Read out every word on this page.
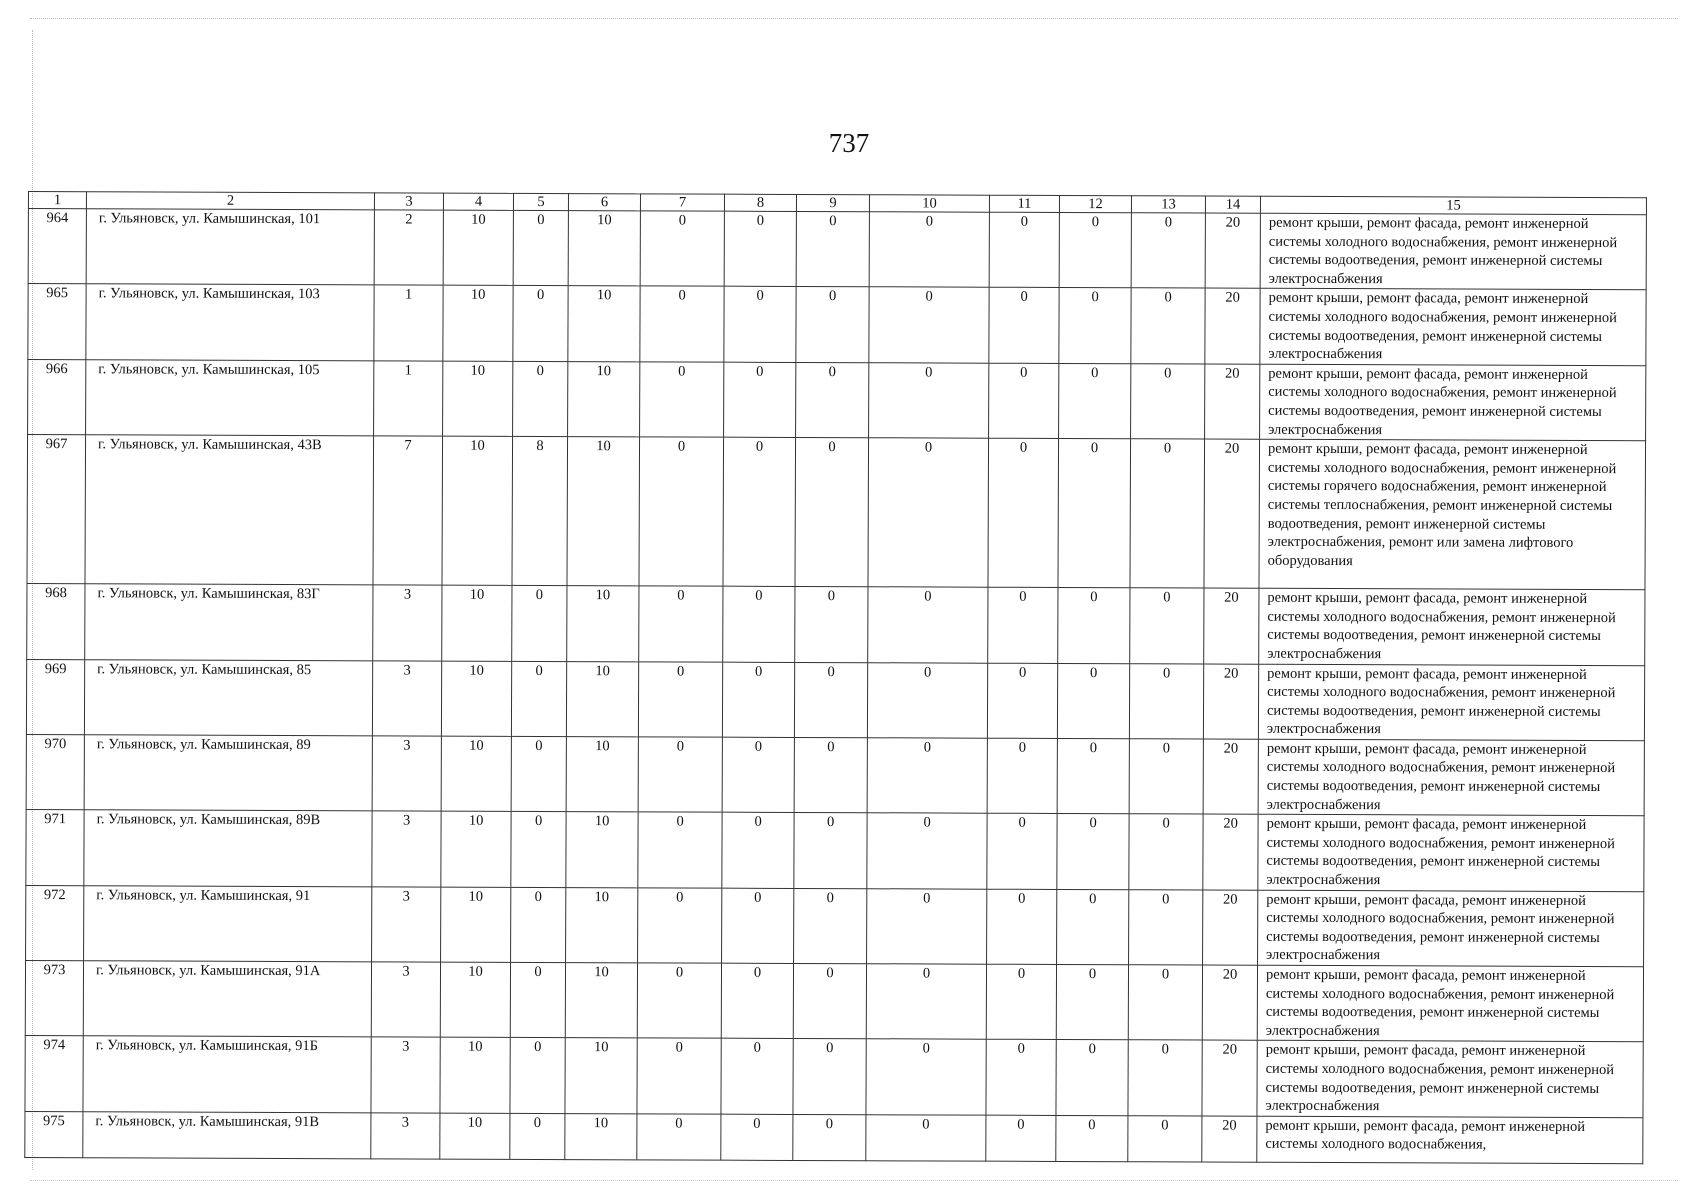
737
1	2	3	4	5	6	7	8	9	10	11	12	13	14	15
964	г. Ульяновск, ул. Камышинская, 101	2	10	0	10	0	0	0	0	0	0	0	20	ремонт крыши, ремонт фасада, ремонт инженерной системы холодного водоснабжения, ремонт инженерной системы водоотведения, ремонт инженерной системы электроснабжения
965	г. Ульяновск, ул. Камышинская, 103	1	10	0	10	0	0	0	0	0	0	0	20	ремонт крыши, ремонт фасада, ремонт инженерной системы холодного водоснабжения, ремонт инженерной системы водоотведения, ремонт инженерной системы электроснабжения
966	г. Ульяновск, ул. Камышинская, 105	1	10	0	10	0	0	0	0	0	0	0	20	ремонт крыши, ремонт фасада, ремонт инженерной системы холодного водоснабжения, ремонт инженерной системы водоотведения, ремонт инженерной системы электроснабжения
967	г. Ульяновск, ул. Камышинская, 43В	7	10	8	10	0	0	0	0	0	0	0	20	ремонт крыши, ремонт фасада, ремонт инженерной системы холодного водоснабжения, ремонт инженерной системы горячего водоснабжения, ремонт инженерной системы теплоснабжения, ремонт инженерной системы водоотведения, ремонт инженерной системы электроснабжения, ремонт или замена лифтового оборудования
968	г. Ульяновск, ул. Камышинская, 83Г	3	10	0	10	0	0	0	0	0	0	0	20	ремонт крыши, ремонт фасада, ремонт инженерной системы холодного водоснабжения, ремонт инженерной системы водоотведения, ремонт инженерной системы электроснабжения
969	г. Ульяновск, ул. Камышинская, 85	3	10	0	10	0	0	0	0	0	0	0	20	ремонт крыши, ремонт фасада, ремонт инженерной системы холодного водоснабжения, ремонт инженерной системы водоотведения, ремонт инженерной системы электроснабжения
970	г. Ульяновск, ул. Камышинская, 89	3	10	0	10	0	0	0	0	0	0	0	20	ремонт крыши, ремонт фасада, ремонт инженерной системы холодного водоснабжения, ремонт инженерной системы водоотведения, ремонт инженерной системы электроснабжения
971	г. Ульяновск, ул. Камышинская, 89В	3	10	0	10	0	0	0	0	0	0	0	20	ремонт крыши, ремонт фасада, ремонт инженерной системы холодного водоснабжения, ремонт инженерной системы водоотведения, ремонт инженерной системы электроснабжения
972	г. Ульяновск, ул. Камышинская, 91	3	10	0	10	0	0	0	0	0	0	0	20	ремонт крыши, ремонт фасада, ремонт инженерной системы холодного водоснабжения, ремонт инженерной системы водоотведения, ремонт инженерной системы электроснабжения
973	г. Ульяновск, ул. Камышинская, 91А	3	10	0	10	0	0	0	0	0	0	0	20	ремонт крыши, ремонт фасада, ремонт инженерной системы холодного водоснабжения, ремонт инженерной системы водоотведения, ремонт инженерной системы электроснабжения
974	г. Ульяновск, ул. Камышинская, 91Б	3	10	0	10	0	0	0	0	0	0	0	20	ремонт крыши, ремонт фасада, ремонт инженерной системы холодного водоснабжения, ремонт инженерной системы водоотведения, ремонт инженерной системы электроснабжения
975	г. Ульяновск, ул. Камышинская, 91В	3	10	0	10	0	0	0	0	0	0	0	20	ремонт крыши, ремонт фасада, ремонт инженерной системы холодного водоснабжения,
